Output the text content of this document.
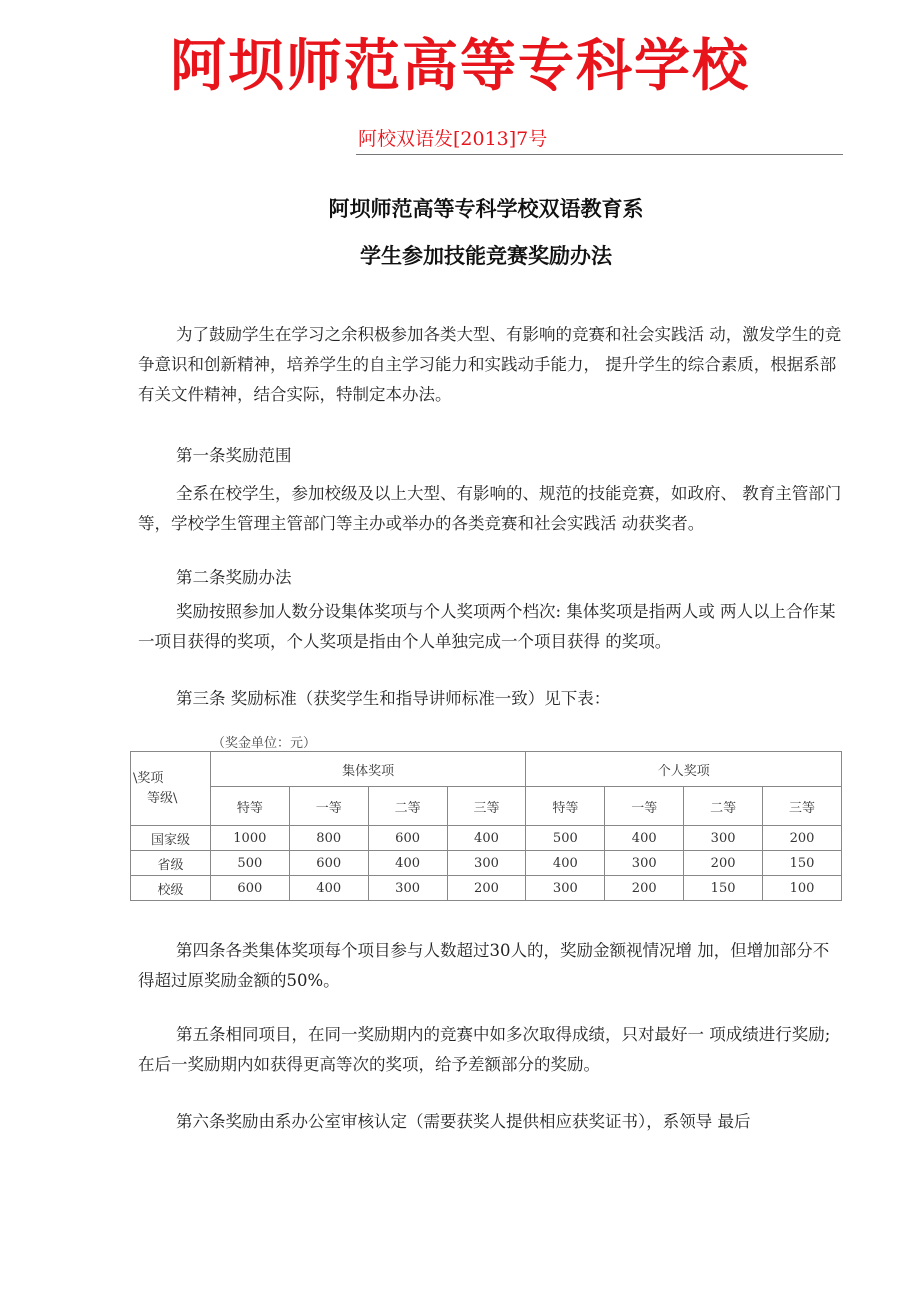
阿坝师范高等专科学校
阿校双语发[2013]7号
阿坝师范高等专科学校双语教育系
学生参加技能竞赛奖励办法

为了鼓励学生在学习之余积极参加各类大型、有影响的竞赛和社会实践活 动，激发学生的竞争意识和创新精神，培养学生的自主学习能力和实践动手能力， 提升学生的综合素质，根据系部有关文件精神，结合实际，特制定本办法。

第一条奖励范围

全系在校学生，参加校级及以上大型、有影响的、规范的技能竞赛，如政府、 教育主管部门等，学校学生管理主管部门等主办或举办的各类竞赛和社会实践活 动获奖者。

第二条奖励办法

奖励按照参加人数分设集体奖项与个人奖项两个档次: 集体奖项是指两人或 两人以上合作某一项目获得的奖项，个人奖项是指由个人单独完成一个项目获得 的奖项。

第三条 奖励标准（获奖学生和指导讲师标准一致）见下表：

（奖金单位：元）
\奖项
等级\	集体奖项				个人奖项			
	特等	一等	二等	三等	特等	一等	二等	三等
国家级	1000	800	600	400	500	400	300	200
省级	500	600	400	300	400	300	200	150
校级	600	400	300	200	300	200	150	100

第四条各类集体奖项每个项目参与人数超过30人的，奖励金额视情况增 加，但增加部分不得超过原奖励金额的50%。

第五条相同项目，在同一奖励期内的竞赛中如多次取得成绩，只对最好一 项成绩进行奖励;在后一奖励期内如获得更高等次的奖项，给予差额部分的奖励。

第六条奖励由系办公室审核认定（需要获奖人提供相应获奖证书），系领导 最后
